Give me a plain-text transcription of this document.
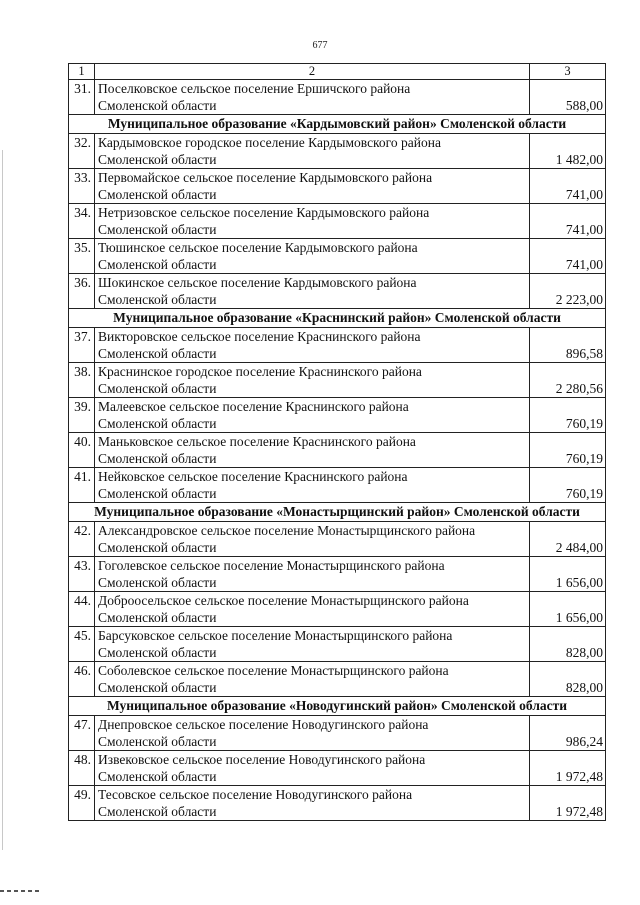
677
1	2	3
31.	Поселковское сельское поселение Ершичского района
Смоленской области	588,00
Муниципальное образование «Кардымовский район» Смоленской области		
32.	Кардымовское городское поселение Кардымовского района
Смоленской области	1 482,00
33.	Первомайское сельское поселение Кардымовского района
Смоленской области	741,00
34.	Нетризовское сельское поселение Кардымовского района
Смоленской области	741,00
35.	Тюшинское сельское поселение Кардымовского района
Смоленской области	741,00
36.	Шокинское сельское поселение Кардымовского района
Смоленской области	2 223,00
Муниципальное образование «Краснинский район» Смоленской области		
37.	Викторовское сельское поселение Краснинского района
Смоленской области	896,58
38.	Краснинское городское поселение Краснинского района
Смоленской области	2 280,56
39.	Малеевское сельское поселение Краснинского района
Смоленской области	760,19
40.	Маньковское сельское поселение Краснинского района
Смоленской области	760,19
41.	Нейковское сельское поселение Краснинского района
Смоленской области	760,19
Муниципальное образование «Монастырщинский район» Смоленской области		
42.	Александровское сельское поселение Монастырщинского района
Смоленской области	2 484,00
43.	Гоголевское сельское поселение Монастырщинского района
Смоленской области	1 656,00
44.	Доброосельское сельское поселение Монастырщинского района
Смоленской области	1 656,00
45.	Барсуковское сельское поселение Монастырщинского района
Смоленской области	828,00
46.	Соболевское сельское поселение Монастырщинского района
Смоленской области	828,00
Муниципальное образование «Новодугинский район» Смоленской области		
47.	Днепровское сельское поселение Новодугинского района
Смоленской области	986,24
48.	Извековское сельское поселение Новодугинского района
Смоленской области	1 972,48
49.	Тесовское сельское поселение Новодугинского района
Смоленской области	1 972,48
